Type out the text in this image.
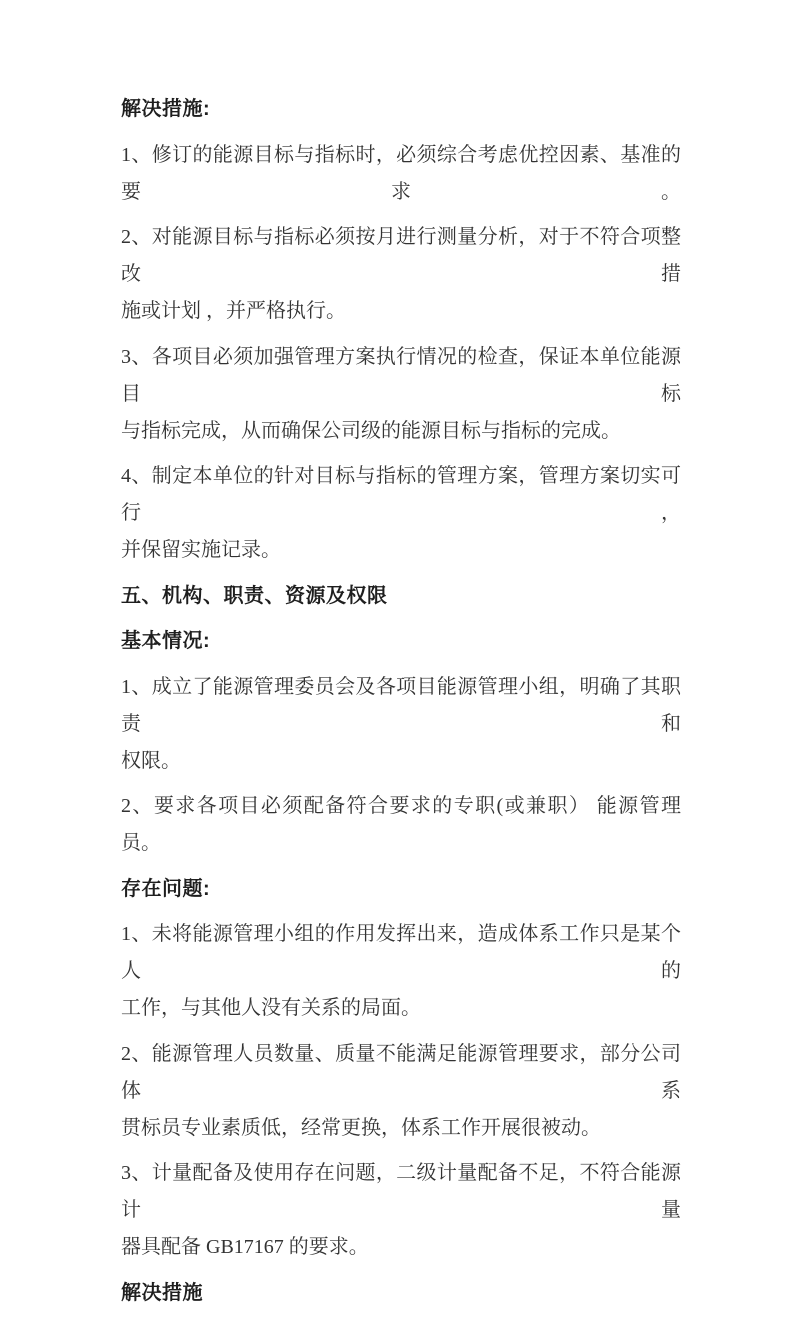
解决措施:
1、修订的能源目标与指标时，必须综合考虑优控因素、基准的要求。
2、对能源目标与指标必须按月进行测量分析，对于不符合项整改措
施或计划 ，并严格执行。
3、各项目必须加强管理方案执行情况的检查，保证本单位能源目标
与指标完成，从而确保公司级的能源目标与指标的完成。
4、制定本单位的针对目标与指标的管理方案，管理方案切实可行，
并保留实施记录。
五、机构、职责、资源及权限
基本情况:
1、成立了能源管理委员会及各项目能源管理小组，明确了其职责和
权限。
2、要求各项目必须配备符合要求的专职(或兼职） 能源管理员。
存在问题:
1、未将能源管理小组的作用发挥出来，造成体系工作只是某个人的
工作，与其他人没有关系的局面。
2、能源管理人员数量、质量不能满足能源管理要求，部分公司体系
贯标员专业素质低，经常更换，体系工作开展很被动。
3、计量配备及使用存在问题，二级计量配备不足，不符合能源计量
器具配备 GB17167 的要求。
解决措施
